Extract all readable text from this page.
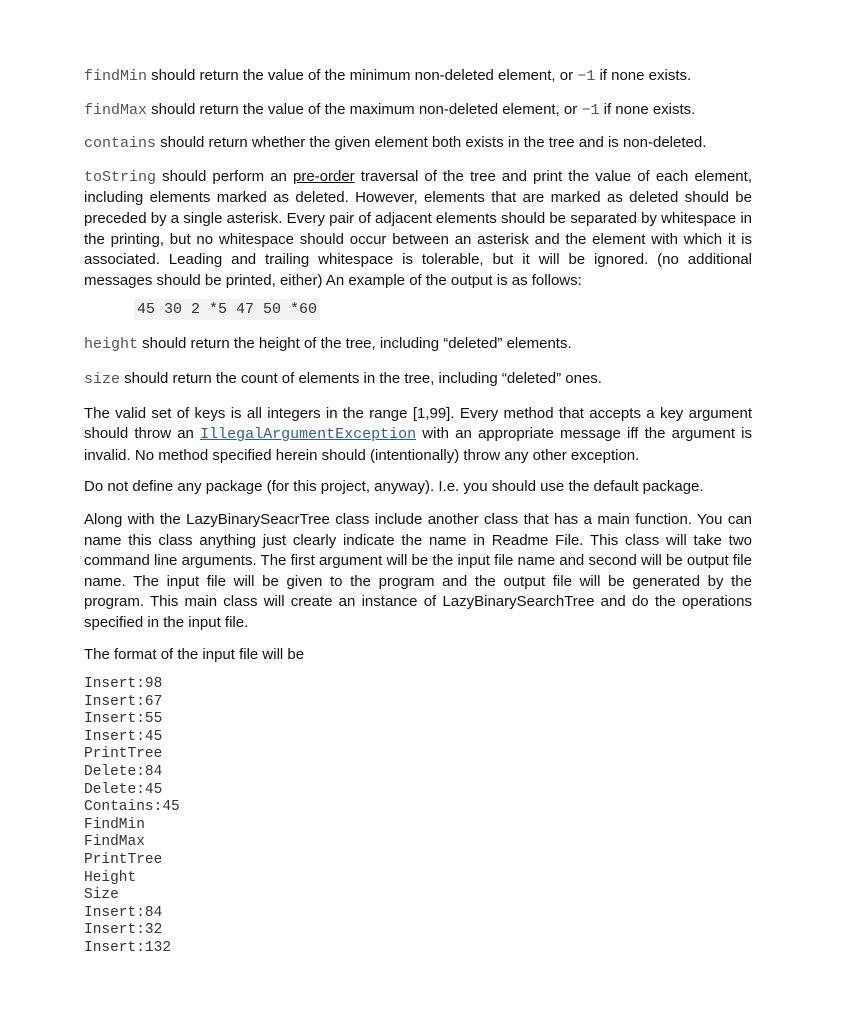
findMin should return the value of the minimum non-deleted element, or −1 if none exists.

findMax should return the value of the maximum non-deleted element, or −1 if none exists.

contains should return whether the given element both exists in the tree and is non-deleted.

toString should perform an pre-order traversal of the tree and print the value of each element, including elements marked as deleted. However, elements that are marked as deleted should be preceded by a single asterisk. Every pair of adjacent elements should be separated by whitespace in the printing, but no whitespace should occur between an asterisk and the element with which it is associated. Leading and trailing whitespace is tolerable, but it will be ignored. (no additional messages should be printed, either) An example of the output is as follows:

45 30 2 *5 47 50 *60

height should return the height of the tree, including “deleted” elements.

size should return the count of elements in the tree, including “deleted” ones.

The valid set of keys is all integers in the range [1,99]. Every method that accepts a key argument should throw an IllegalArgumentException with an appropriate message iff the argument is invalid. No method specified herein should (intentionally) throw any other exception.

Do not define any package (for this project, anyway). I.e. you should use the default package.

Along with the LazyBinarySeacrTree class include another class that has a main function. You can name this class anything just clearly indicate the name in Readme File. This class will take two command line arguments. The first argument will be the input file name and second will be output file name. The input file will be given to the program and the output file will be generated by the program. This main class will create an instance of LazyBinarySearchTree and do the operations specified in the input file.

The format of the input file will be

Insert:98
Insert:67
Insert:55
Insert:45
PrintTree
Delete:84
Delete:45
Contains:45
FindMin
FindMax
PrintTree
Height
Size
Insert:84
Insert:32
Insert:132
